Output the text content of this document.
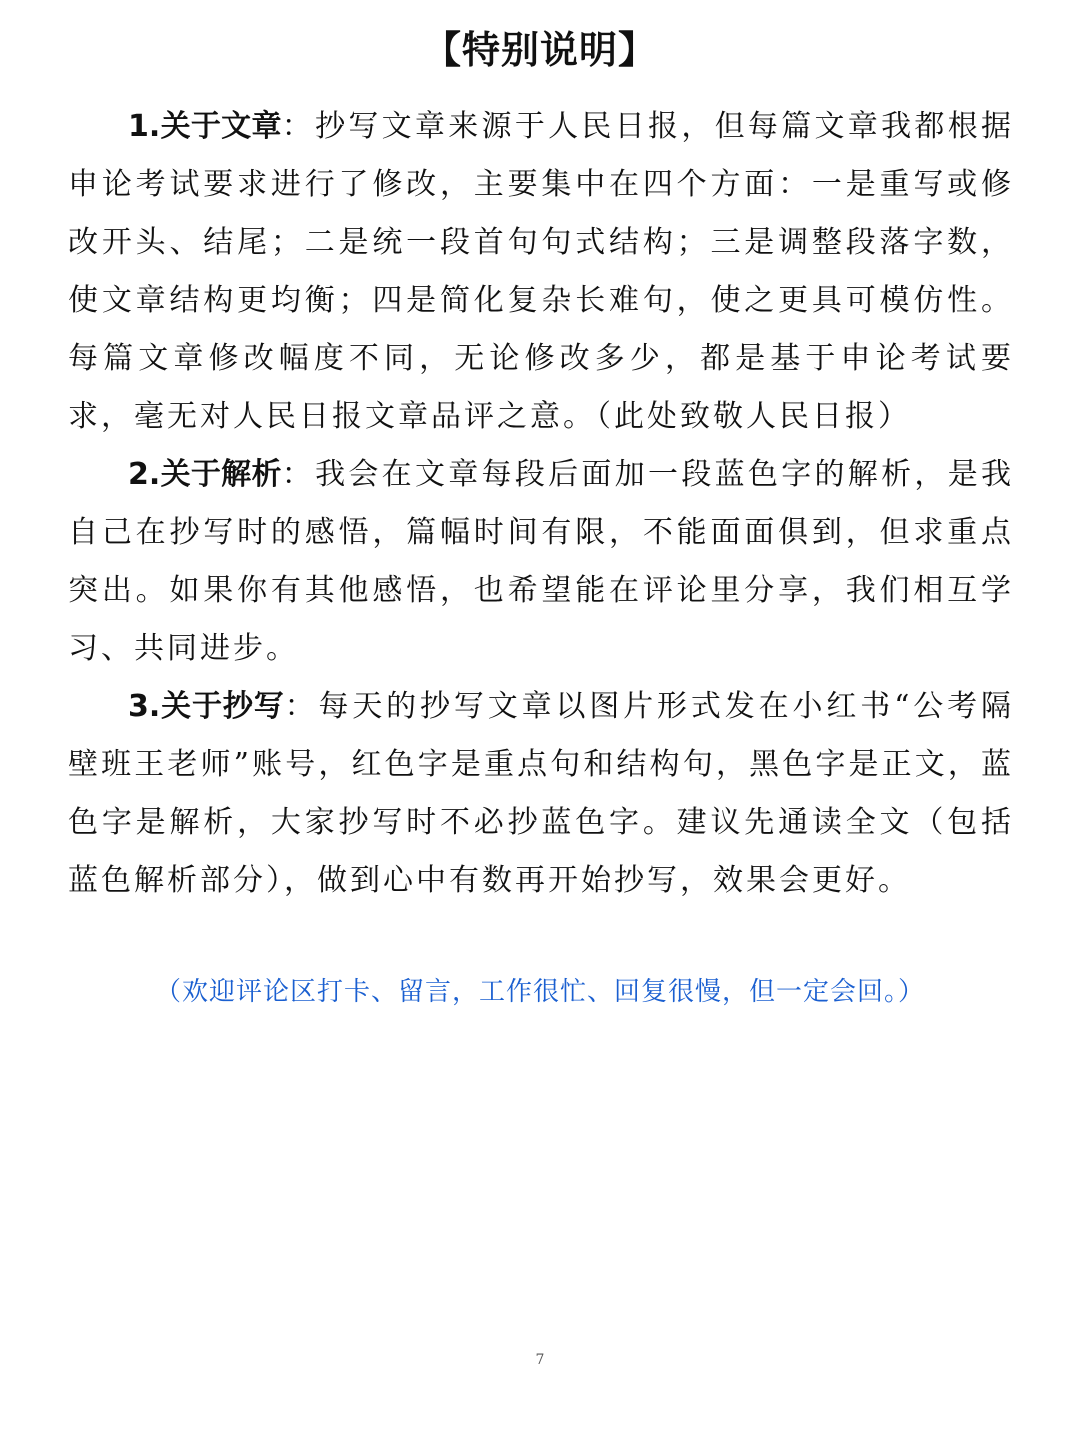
【特别说明】

1.关于文章：抄写文章来源于人民日报，但每篇文章我都根据申论考试要求进行了修改，主要集中在四个方面：一是重写或修改开头、结尾；二是统一段首句句式结构；三是调整段落字数，使文章结构更均衡；四是简化复杂长难句，使之更具可模仿性。每篇文章修改幅度不同，无论修改多少，都是基于申论考试要求，毫无对人民日报文章品评之意。（此处致敬人民日报）

2.关于解析：我会在文章每段后面加一段蓝色字的解析，是我自己在抄写时的感悟，篇幅时间有限，不能面面俱到，但求重点突出。如果你有其他感悟，也希望能在评论里分享，我们相互学习、共同进步。

3.关于抄写：每天的抄写文章以图片形式发在小红书“公考隔壁班王老师”账号，红色字是重点句和结构句，黑色字是正文，蓝色字是解析，大家抄写时不必抄蓝色字。建议先通读全文（包括蓝色解析部分），做到心中有数再开始抄写，效果会更好。

（欢迎评论区打卡、留言，工作很忙、回复很慢，但一定会回。）
7
